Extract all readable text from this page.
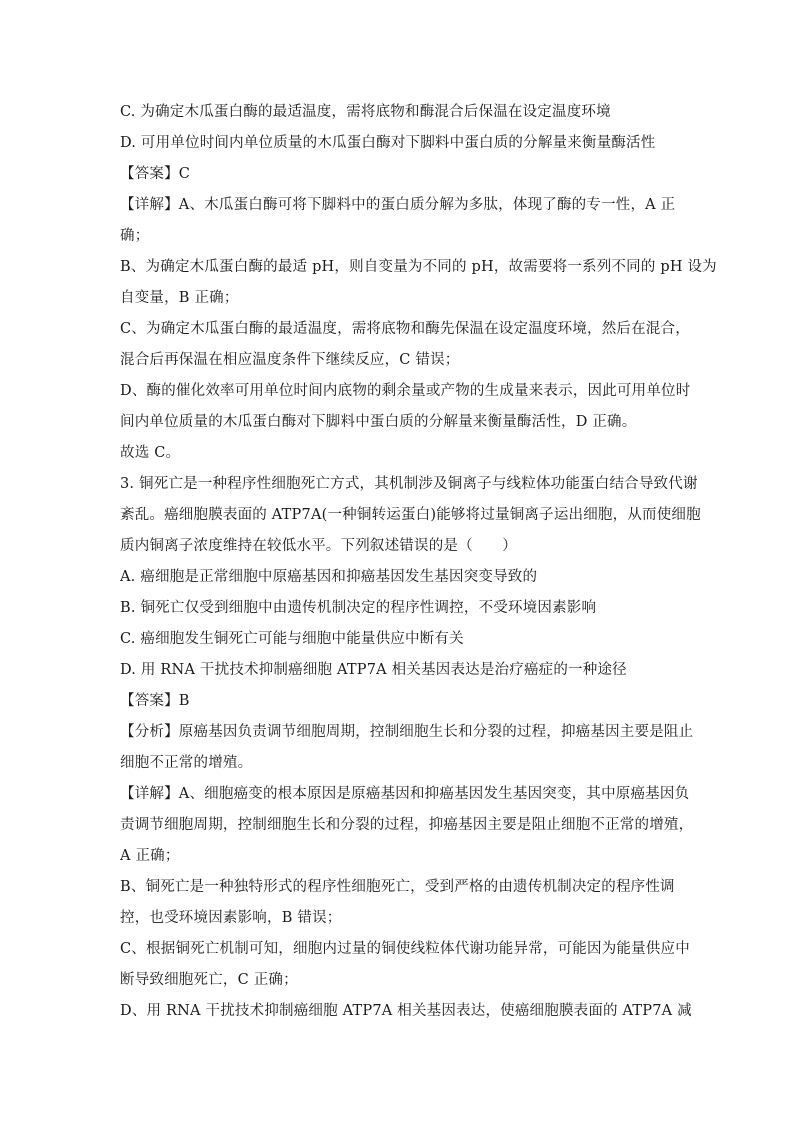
C. 为确定木瓜蛋白酶的最适温度，需将底物和酶混合后保温在设定温度环境
D. 可用单位时间内单位质量的木瓜蛋白酶对下脚料中蛋白质的分解量来衡量酶活性
【答案】C
【详解】A、木瓜蛋白酶可将下脚料中的蛋白质分解为多肽，体现了酶的专一性，A 正
确；
B、为确定木瓜蛋白酶的最适 pH，则自变量为不同的 pH，故需要将一系列不同的 pH 设为
自变量，B 正确；
C、为确定木瓜蛋白酶的最适温度，需将底物和酶先保温在设定温度环境，然后在混合，
混合后再保温在相应温度条件下继续反应，C 错误；
D、酶的催化效率可用单位时间内底物的剩余量或产物的生成量来表示，因此可用单位时
间内单位质量的木瓜蛋白酶对下脚料中蛋白质的分解量来衡量酶活性，D 正确。
故选 C。
3. 铜死亡是一种程序性细胞死亡方式，其机制涉及铜离子与线粒体功能蛋白结合导致代谢
紊乱。癌细胞膜表面的 ATP7A(一种铜转运蛋白)能够将过量铜离子运出细胞，从而使细胞
质内铜离子浓度维持在较低水平。下列叙述错误的是（　　）
A. 癌细胞是正常细胞中原癌基因和抑癌基因发生基因突变导致的
B. 铜死亡仅受到细胞中由遗传机制决定的程序性调控，不受环境因素影响
C. 癌细胞发生铜死亡可能与细胞中能量供应中断有关
D. 用 RNA 干扰技术抑制癌细胞 ATP7A 相关基因表达是治疗癌症的一种途径
【答案】B
【分析】原癌基因负责调节细胞周期，控制细胞生长和分裂的过程，抑癌基因主要是阻止
细胞不正常的增殖。
【详解】A、细胞癌变的根本原因是原癌基因和抑癌基因发生基因突变，其中原癌基因负
责调节细胞周期，控制细胞生长和分裂的过程，抑癌基因主要是阻止细胞不正常的增殖，
A 正确；
B、铜死亡是一种独特形式的程序性细胞死亡，受到严格的由遗传机制决定的程序性调
控，也受环境因素影响，B 错误；
C、根据铜死亡机制可知，细胞内过量的铜使线粒体代谢功能异常，可能因为能量供应中
断导致细胞死亡，C 正确；
D、用 RNA 干扰技术抑制癌细胞 ATP7A 相关基因表达，使癌细胞膜表面的 ATP7A 减
